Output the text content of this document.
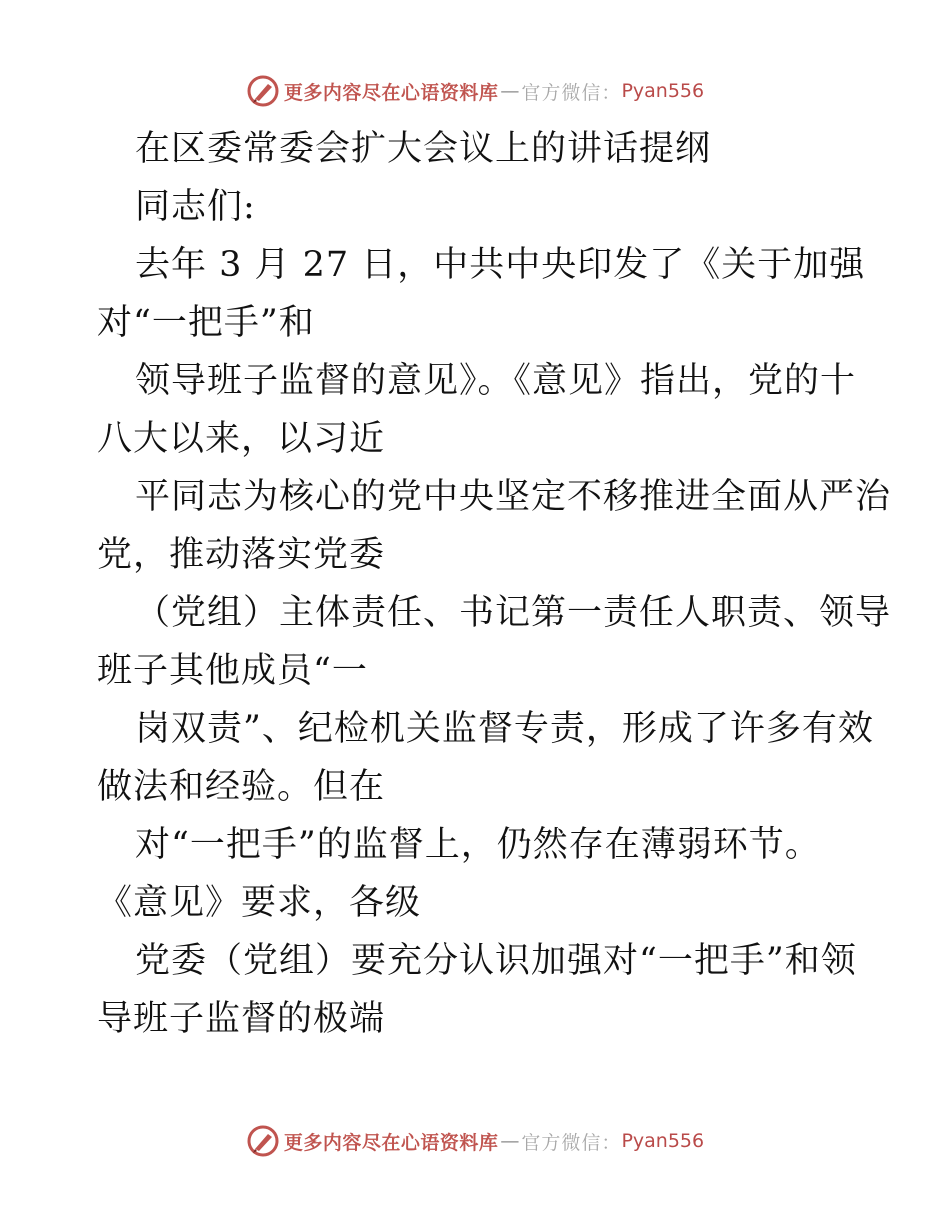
更多内容尽在心语资料库 — 官方微信： Pyan556
在区委常委会扩大会议上的讲话提纲
同志们:
去年 3 月 27 日，中共中央印发了《关于加强
对“一把手”和
领导班子监督的意见》。《意见》指出，党的十
八大以来，以习近
平同志为核心的党中央坚定不移推进全面从严治
党，推动落实党委
（党组）主体责任、书记第一责任人职责、领导
班子其他成员“一
岗双责”、纪检机关监督专责，形成了许多有效
做法和经验。但在
对“一把手”的监督上，仍然存在薄弱环节。
《意见》要求，各级
党委（党组）要充分认识加强对“一把手”和领
导班子监督的极端
更多内容尽在心语资料库 — 官方微信： Pyan556
